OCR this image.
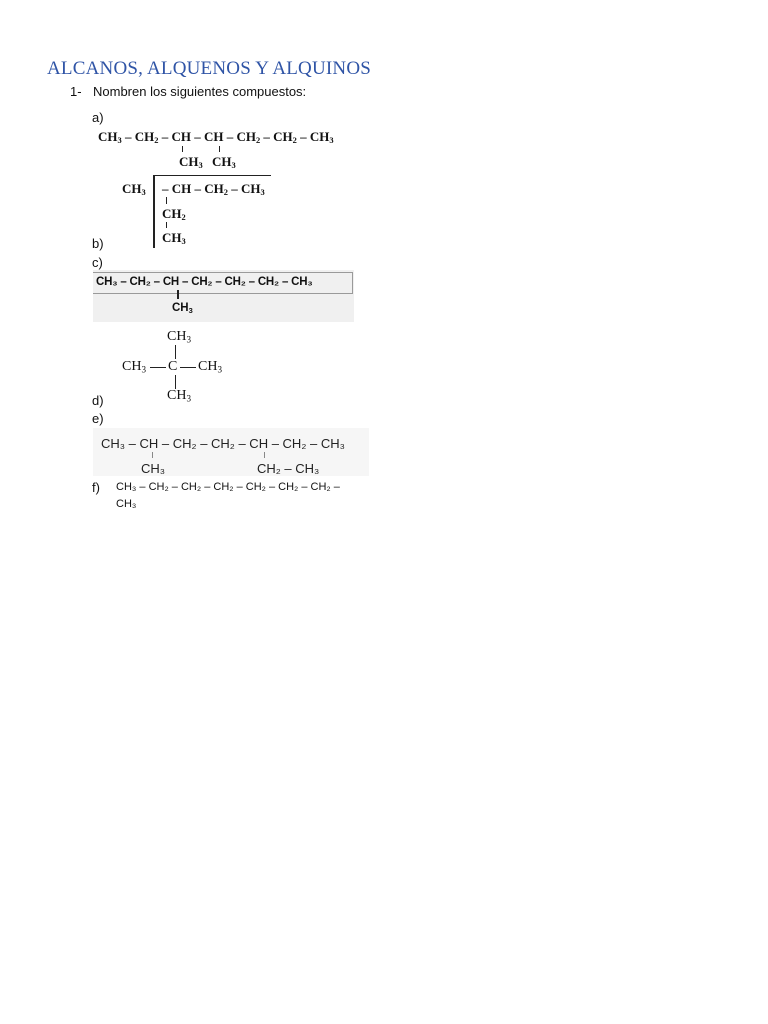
ALCANOS, ALQUENOS Y ALQUINOS
1- Nombren los siguientes compuestos:
a)
$CH_3 - CH_2$ – CH – CH – $CH_2 - CH_2 - CH_3$
$CH_3$ $CH_3$
$CH_3$ – CH – $CH_2 - CH_3$
$CH_2$
$CH_3$
b)
c)
CH₃ – CH₂ – CH – CH₂ – CH₂ – CH₂ – CH₃
$CH_3$
$CH_3$
$CH_3$ C $CH_3$
$CH_3$
d)
e)
CH₃ – CH – CH₂ – CH₂ – CH – CH₂ – CH₃
CH₃	CH₂ – CH₃
f) CH₃ – CH₂ – CH₂ – CH₂ – CH₂ – CH₂ – CH₂ –
CH₃
